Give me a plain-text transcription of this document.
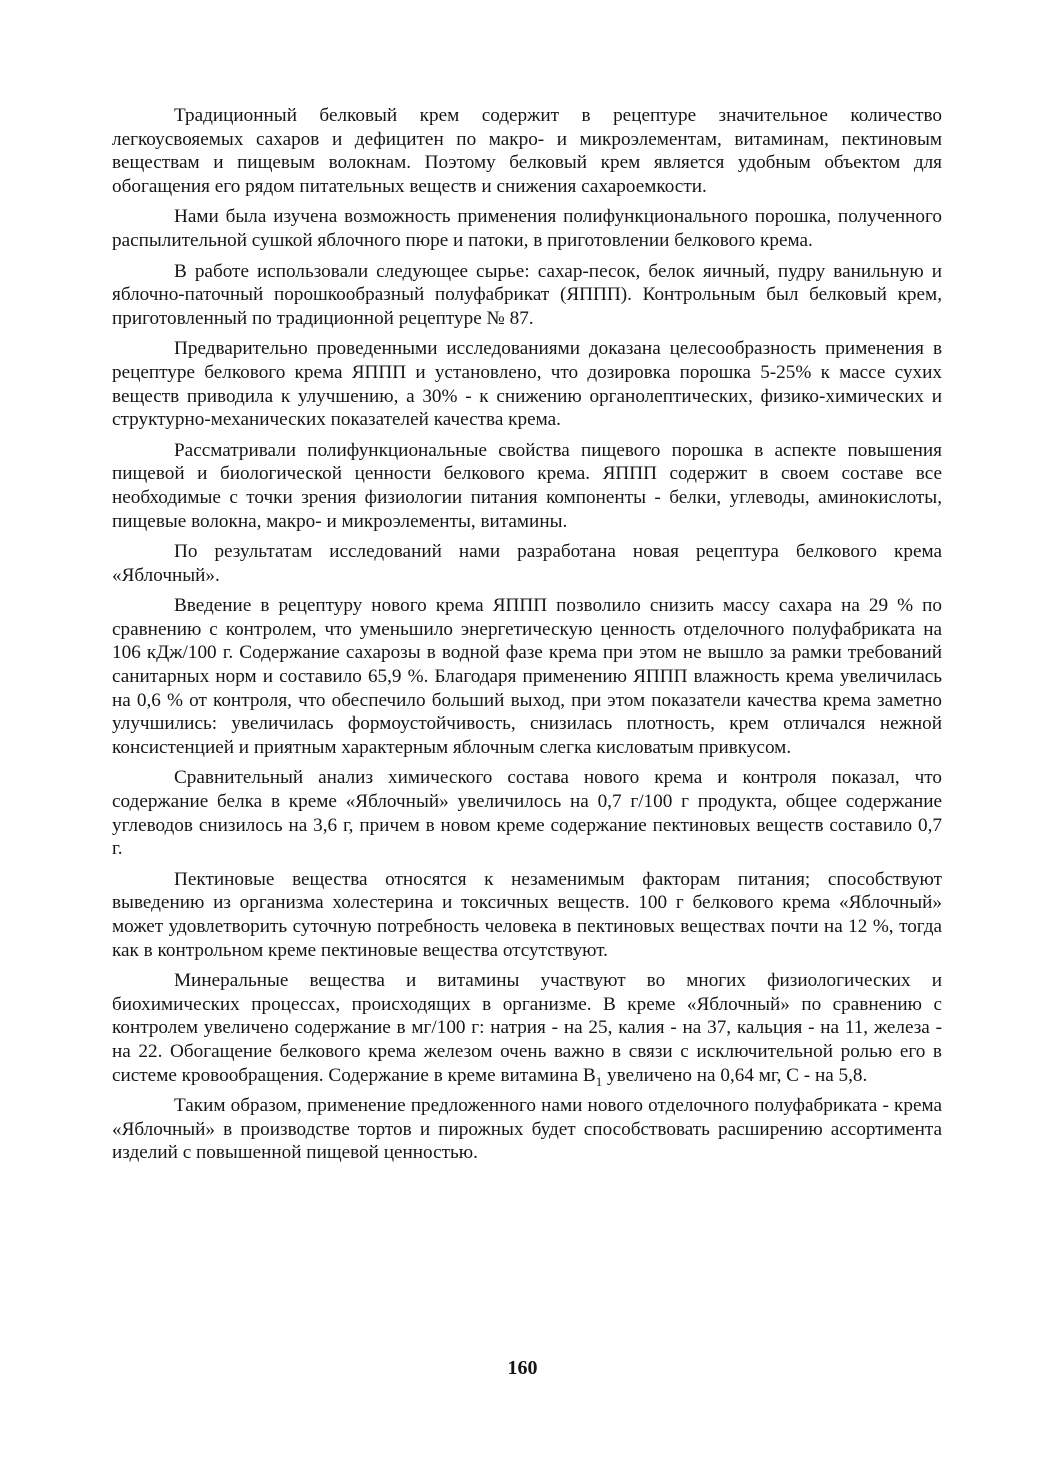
Традиционный белковый крем содержит в рецептуре значительное количество легкоусвояемых сахаров и дефицитен по макро- и микроэлементам, витаминам, пектиновым веществам и пищевым волокнам. Поэтому белковый крем является удобным объектом для обогащения его рядом питательных веществ и снижения сахароемкости.

Нами была изучена возможность применения полифункционального порошка, полученного распылительной сушкой яблочного пюре и патоки, в приготовлении белкового крема.

В работе использовали следующее сырье: сахар-песок, белок яичный, пудру ванильную и яблочно-паточный порошкообразный полуфабрикат (ЯППП). Контрольным был белковый крем, приготовленный по традиционной рецептуре № 87.

Предварительно проведенными исследованиями доказана целесообразность применения в рецептуре белкового крема ЯППП и установлено, что дозировка порошка 5-25% к массе сухих веществ приводила к улучшению, а 30% - к снижению органолептических, физико-химических и структурно-механических показателей качества крема.

Рассматривали полифункциональные свойства пищевого порошка в аспекте повышения пищевой и биологической ценности белкового крема. ЯППП содержит в своем составе все необходимые с точки зрения физиологии питания компоненты - белки, углеводы, аминокислоты, пищевые волокна, макро- и микроэлементы, витамины.

По результатам исследований нами разработана новая рецептура белкового крема «Яблочный».

Введение в рецептуру нового крема ЯППП позволило снизить массу сахара на 29 % по сравнению с контролем, что уменьшило энергетическую ценность отделочного полуфабриката на 106 кДж/100 г. Содержание сахарозы в водной фазе крема при этом не вышло за рамки требований санитарных норм и составило 65,9 %. Благодаря применению ЯППП влажность крема увеличилась на 0,6 % от контроля, что обеспечило больший выход, при этом показатели качества крема заметно улучшились: увеличилась формоустойчивость, снизилась плотность, крем отличался нежной консистенцией и приятным характерным яблочным слегка кисловатым привкусом.

Сравнительный анализ химического состава нового крема и контроля показал, что содержание белка в креме «Яблочный» увеличилось на 0,7 г/100 г продукта, общее содержание углеводов снизилось на 3,6 г, причем в новом креме содержание пектиновых веществ составило 0,7 г.

Пектиновые вещества относятся к незаменимым факторам питания; способствуют выведению из организма холестерина и токсичных веществ. 100 г белкового крема «Яблочный» может удовлетворить суточную потребность человека в пектиновых веществах почти на 12 %, тогда как в контрольном креме пектиновые вещества отсутствуют.

Минеральные вещества и витамины участвуют во многих физиологических и биохимических процессах, происходящих в организме. В креме «Яблочный» по сравнению с контролем увеличено содержание в мг/100 г: натрия - на 25, калия - на 37, кальция - на 11, железа - на 22. Обогащение белкового крема железом очень важно в связи с исключительной ролью его в системе кровообращения. Содержание в креме витамина $B_1$ увеличено на 0,64 мг, С - на 5,8.

Таким образом, применение предложенного нами нового отделочного полуфабриката - крема «Яблочный» в производстве тортов и пирожных будет способствовать расширению ассортимента изделий с повышенной пищевой ценностью.

160
